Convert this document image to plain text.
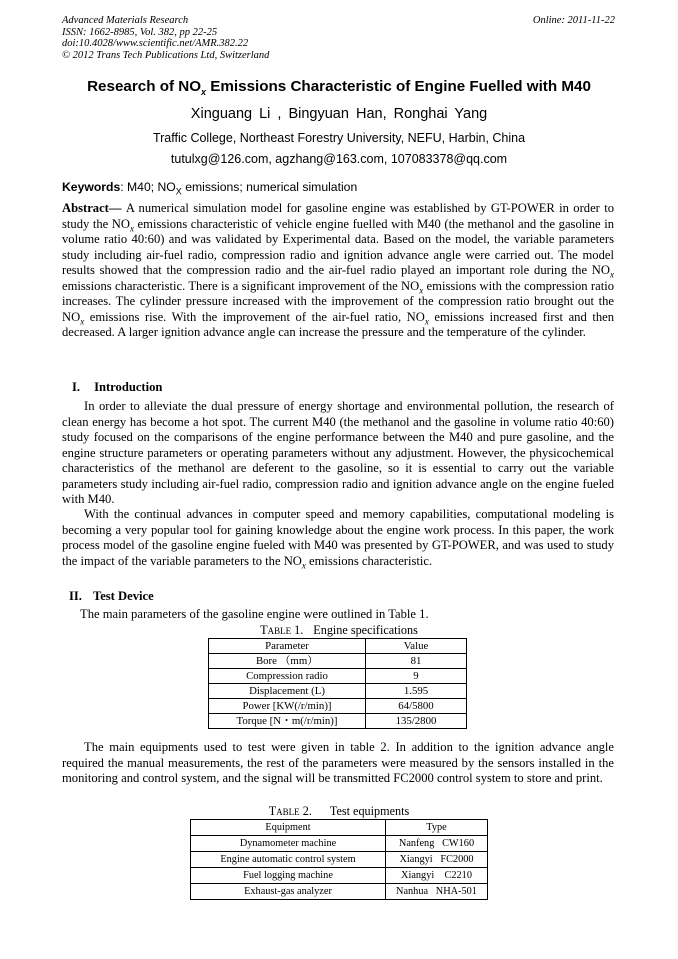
Advanced Materials Research
ISSN: 1662-8985, Vol. 382, pp 22-25
doi:10.4028/www.scientific.net/AMR.382.22
© 2012 Trans Tech Publications Ltd, Switzerland
Online: 2011-11-22
Research of $NO_x$ Emissions Characteristic of Engine Fuelled with M40
Xinguang Li , Bingyuan Han, Ronghai Yang
Traffic College, Northeast Forestry University, NEFU, Harbin, China
tutulxg@126.com, agzhang@163.com, 107083378@qq.com
Keywords: M40; $NO_X$ emissions; numerical simulation

Abstract— A numerical simulation model for gasoline engine was established by GT-POWER in order to study the $NO_x$ emissions characteristic of vehicle engine fuelled with M40 (the methanol and the gasoline in volume ratio 40:60) and was validated by Experimental data. Based on the model, the variable parameters study including air-fuel radio, compression radio and ignition advance angle were carried out. The model results showed that the compression radio and the air-fuel radio played an important role during the $NO_x$ emissions characteristic. There is a significant improvement of the $NO_x$ emissions with the compression ratio increases. The cylinder pressure increased with the improvement of the compression ratio brought out the $NO_x$ emissions rise. With the improvement of the air-fuel ratio, $NO_x$ emissions increased first and then decreased. A larger ignition advance angle can increase the pressure and the temperature of the cylinder.

I. Introduction

In order to alleviate the dual pressure of energy shortage and environmental pollution, the research of clean energy has become a hot spot. The current M40 (the methanol and the gasoline in volume ratio 40:60) study focused on the comparisons of the engine performance between the M40 and pure gasoline, and the engine structure parameters or operating parameters without any adjustment. However, the physicochemical characteristics of the methanol are deferent to the gasoline, so it is essential to carry out the variable parameters study including air-fuel radio, compression radio and ignition advance angle on the engine fueled with M40.

With the continual advances in computer speed and memory capabilities, computational modeling is becoming a very popular tool for gaining knowledge about the engine work process. In this paper, the work process model of the gasoline engine fueled with M40 was presented by GT-POWER, and was used to study the impact of the variable parameters to the $NO_x$ emissions characteristic.

II. Test Device

The main parameters of the gasoline engine were outlined in Table 1.

Table 1. Engine specifications
Parameter	Value
Bore （mm）	81
Compression radio	9
Displacement (L)	1.595
Power [KW(/r/min)]	64/5800
Torque [N・m(/r/min)]	135/2800

The main equipments used to test were given in table 2. In addition to the ignition advance angle required the manual measurements, the rest of the parameters were measured by the sensors installed in the monitoring and control system, and the signal will be transmitted FC2000 control system to store and print.

Table 2. Test equipments
Equipment	Type
Dynamometer machine	Nanfeng   CW160
Engine automatic control system	Xiangyi   FC2000
Fuel logging machine	Xiangyi    C2210
Exhaust-gas analyzer	Nanhua   NHA-501
